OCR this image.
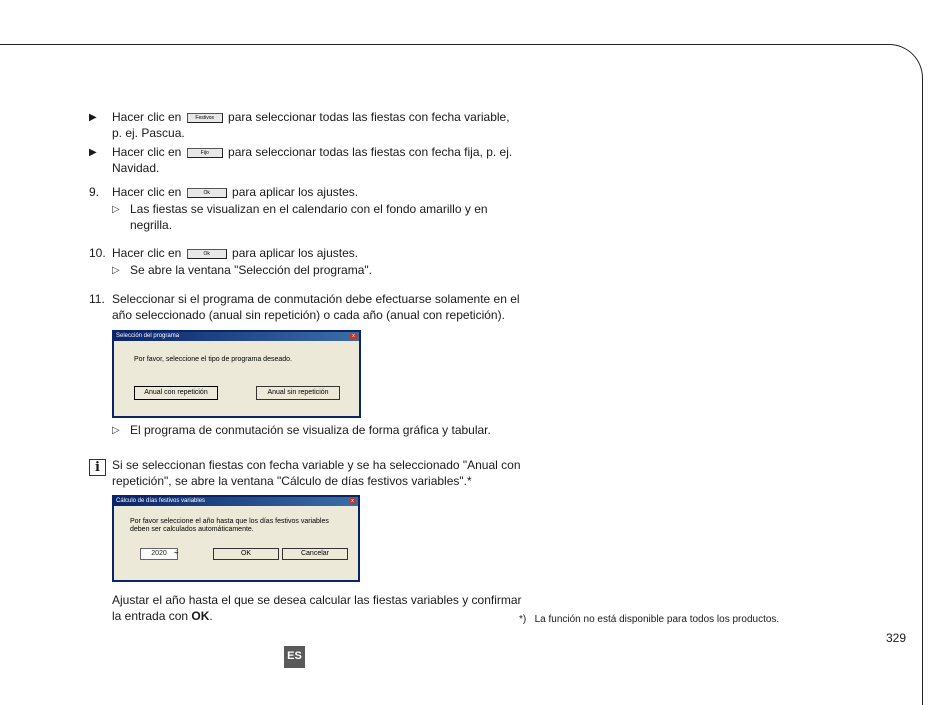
▶ Hacer clic en	Festivos para seleccionar todas las fiestas con fecha variable,
p. ej. Pascua.
▶ Hacer clic en	Fijo para seleccionar todas las fiestas con fecha fija, p. ej.
Navidad.
9. Hacer clic en	Ok para aplicar los ajustes.
▷ Las fiestas se visualizan en el calendario con el fondo amarillo y en
negrilla.
10. Hacer clic en	Ok para aplicar los ajustes.
▷ Se abre la ventana "Selección del programa".
11. Seleccionar si el programa de conmutación debe efectuarse solamente en el
año seleccionado (anual sin repetición) o cada año (anual con repetición).
Selección del programa	x
Por favor, seleccione el tipo de programa deseado.
Anual con repetición	Anual sin repetición
▷ El programa de conmutación se visualiza de forma gráfica y tabular.
i	Si se seleccionan fiestas con fecha variable y se ha seleccionado "Anual con
repetición", se abre la ventana "Cálculo de días festivos variables".*
Cálculo de días festivos variables	x
Por favor seleccione el año hasta que los días festivos variables
deben ser calculados automáticamente.
2020 ÷	OK	Cancelar
Ajustar el año hasta el que se desea calcular las fiestas variables y confirmar
la entrada con OK.	*) La función no está disponible para todos los productos.
329
ES
